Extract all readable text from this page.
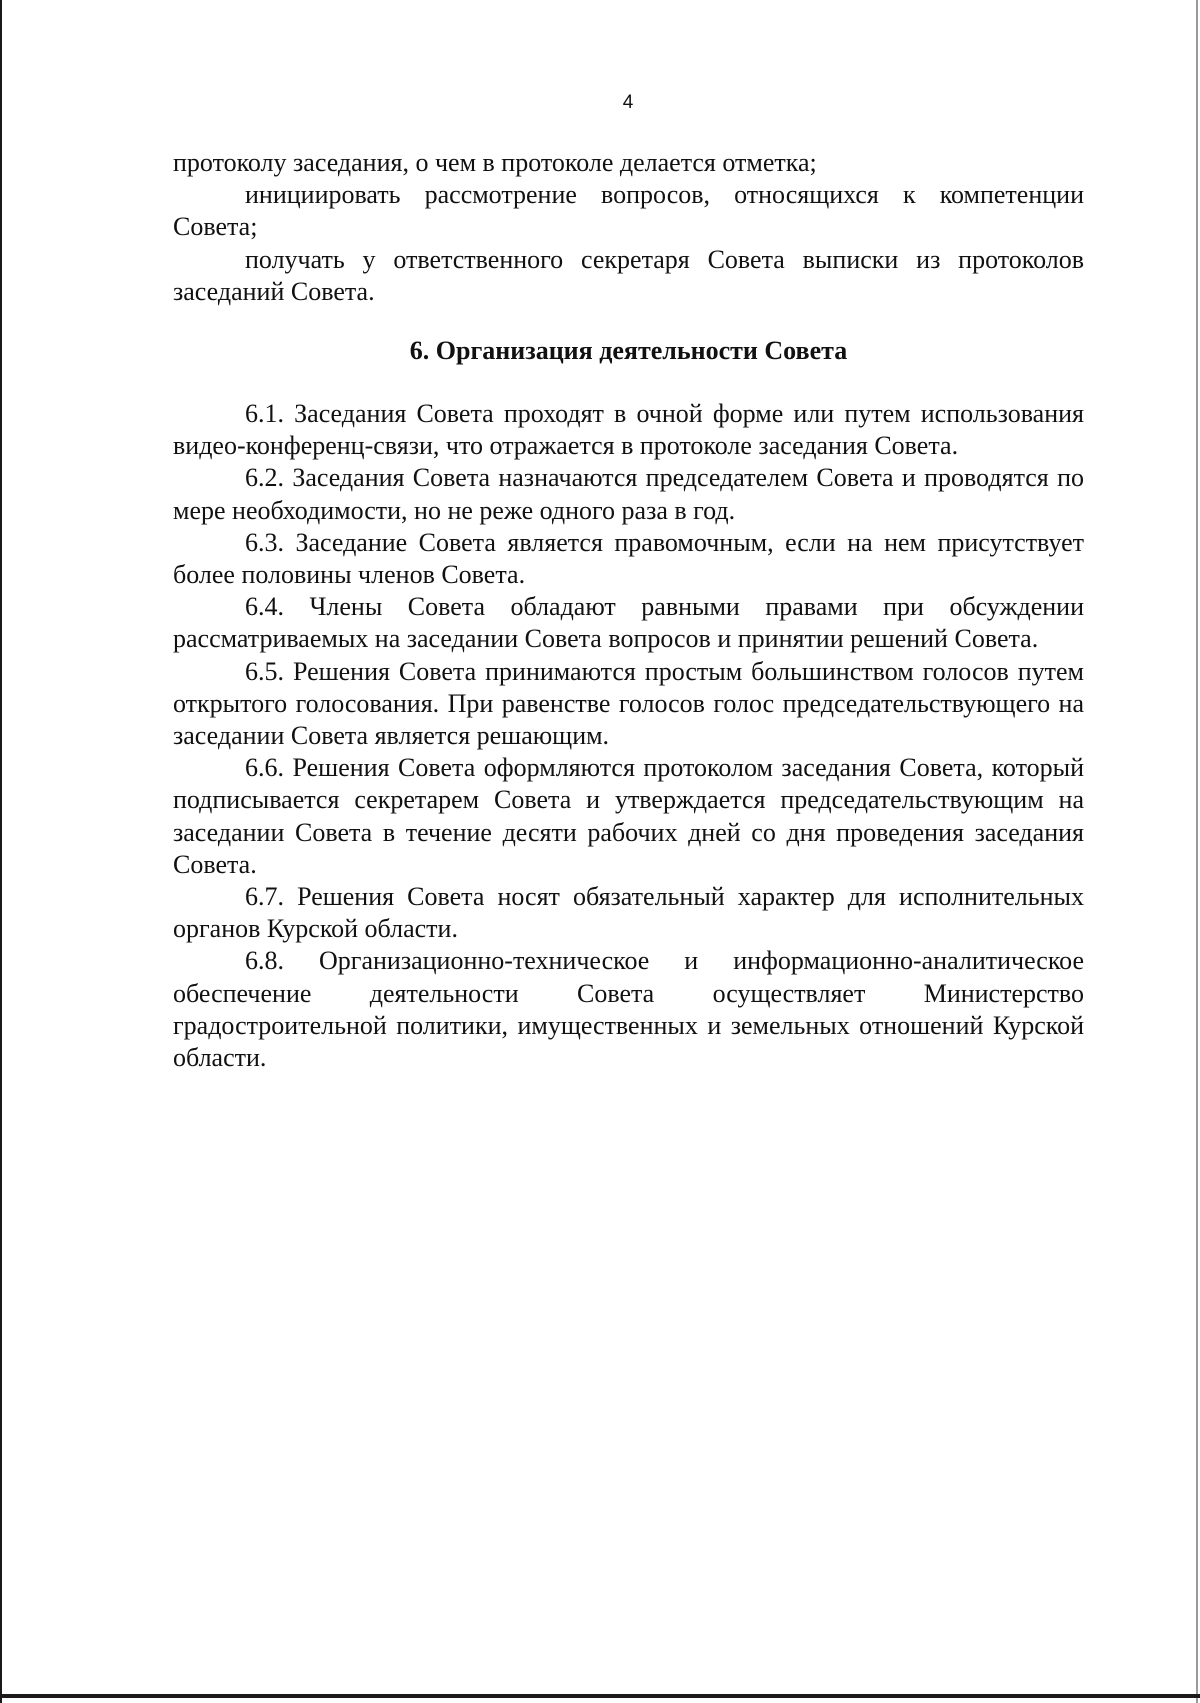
4

протоколу заседания, о чем в протоколе делается отметка;

инициировать рассмотрение вопросов, относящихся к компетенции Совета;

получать у ответственного секретаря Совета выписки из протоколов заседаний Совета.

6. Организация деятельности Совета

6.1. Заседания Совета проходят в очной форме или путем использования видео-конференц-связи, что отражается в протоколе заседания Совета.

6.2. Заседания Совета назначаются председателем Совета и проводятся по мере необходимости, но не реже одного раза в год.

6.3. Заседание Совета является правомочным, если на нем присутствует более половины членов Совета.

6.4. Члены Совета обладают равными правами при обсуждении рассматриваемых на заседании Совета вопросов и принятии решений Совета.

6.5. Решения Совета принимаются простым большинством голосов путем открытого голосования. При равенстве голосов голос председательствующего на заседании Совета является решающим.

6.6. Решения Совета оформляются протоколом заседания Совета, который подписывается секретарем Совета и утверждается председательствующим на заседании Совета в течение десяти рабочих дней со дня проведения заседания Совета.

6.7. Решения Совета носят обязательный характер для исполнительных органов Курской области.

6.8. Организационно-техническое и информационно-аналитическое обеспечение деятельности Совета осуществляет Министерство градостроительной политики, имущественных и земельных отношений Курской области.
